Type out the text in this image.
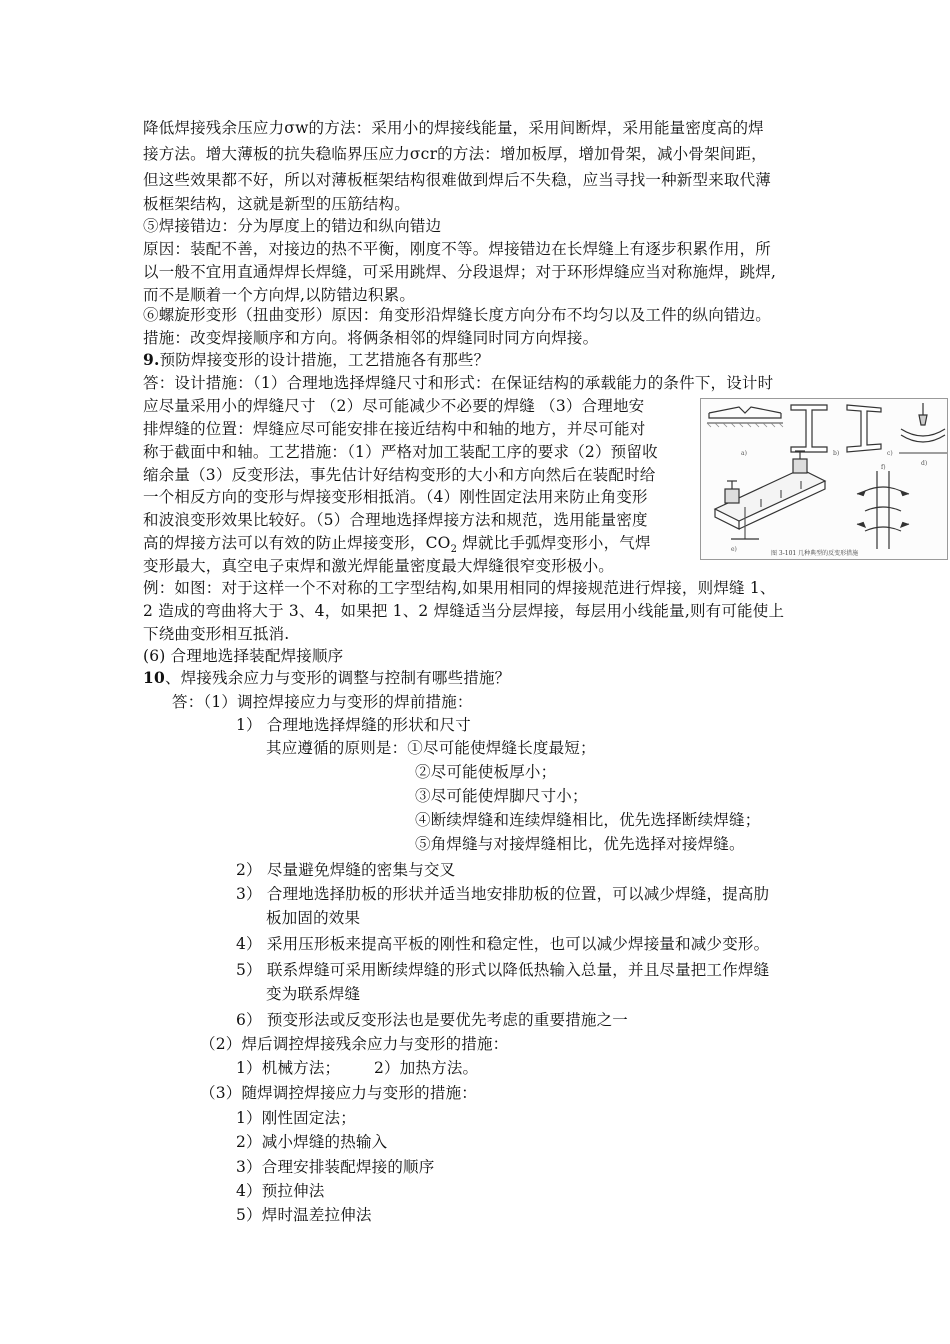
降低焊接残余压应力σw的方法：采用小的焊接线能量，采用间断焊，采用能量密度高的焊
接方法。增大薄板的抗失稳临界压应力σcr的方法：增加板厚，增加骨架，减小骨架间距，
但这些效果都不好，所以对薄板框架结构很难做到焊后不失稳，应当寻找一种新型来取代薄
板框架结构，这就是新型的压筋结构。
⑤焊接错边：分为厚度上的错边和纵向错边
原因：装配不善，对接边的热不平衡，刚度不等。焊接错边在长焊缝上有逐步积累作用，所
以一般不宜用直通焊焊长焊缝，可采用跳焊、分段退焊；对于环形焊缝应当对称施焊，跳焊,
而不是顺着一个方向焊,以防错边积累。
⑥螺旋形变形（扭曲变形）原因：角变形沿焊缝长度方向分布不均匀以及工件的纵向错边。
措施：改变焊接顺序和方向。将俩条相邻的焊缝同时同方向焊接。
9.预防焊接变形的设计措施，工艺措施各有那些？
答：设计措施：（1）合理地选择焊缝尺寸和形式：在保证结构的承载能力的条件下，设计时
应尽量采用小的焊缝尺寸 （2）尽可能减少不必要的焊缝 （3）合理地安
排焊缝的位置：焊缝应尽可能安排在接近结构中和轴的地方，并尽可能对
称于截面中和轴。工艺措施：（1）严格对加工装配工序的要求（2）预留收
缩余量（3）反变形法，事先估计好结构变形的大小和方向然后在装配时给
一个相反方向的变形与焊接变形相抵消。（4）刚性固定法用来防止角变形
和波浪变形效果比较好。（5）合理地选择焊接方法和规范，选用能量密度
高的焊接方法可以有效的防止焊接变形，$CO_2$ 焊就比手弧焊变形小，气焊
变形最大，真空电子束焊和激光焊能量密度最大焊缝很窄变形极小。
例：如图：对于这样一个不对称的工字型结构,如果用相同的焊接规范进行焊接，则焊缝 1、
2 造成的弯曲将大于 3、4，如果把 1、2 焊缝适当分层焊接，每层用小线能量,则有可能使上
下绕曲变形相互抵消.
(6) 合理地选择装配焊接顺序
10、焊接残余应力与变形的调整与控制有哪些措施？
答：（1）调控焊接应力与变形的焊前措施：
1） 合理地选择焊缝的形状和尺寸
其应遵循的原则是：①尽可能使焊缝长度最短；
②尽可能使板厚小；
③尽可能使焊脚尺寸小；
④断续焊缝和连续焊缝相比，优先选择断续焊缝；
⑤角焊缝与对接焊缝相比，优先选择对接焊缝。
2） 尽量避免焊缝的密集与交叉
3） 合理地选择肋板的形状并适当地安排肋板的位置，可以减少焊缝，提高肋
板加固的效果
4） 采用压形板来提高平板的刚性和稳定性，也可以减少焊接量和减少变形。
5） 联系焊缝可采用断续焊缝的形式以降低热输入总量，并且尽量把工作焊缝
变为联系焊缝
6） 预变形法或反变形法也是要优先考虑的重要措施之一
（2）焊后调控焊接残余应力与变形的措施：
1）机械方法； 2）加热方法。
（3）随焊调控焊接应力与变形的措施：
1）刚性固定法；
2）减小焊缝的热输入
3）合理安排装配焊接的顺序
4）预拉伸法
5）焊时温差拉伸法
a)	b)	c)
d)
e)
f)
图 3-101 几种典型的反变形措施
